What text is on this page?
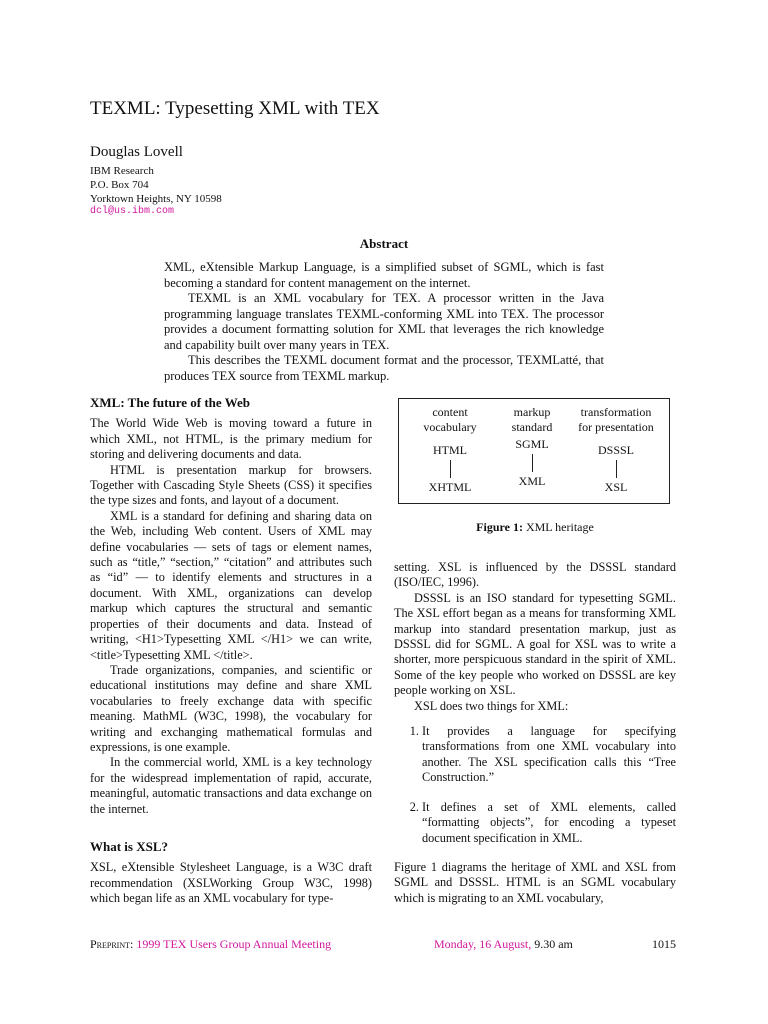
TEXML: Typesetting XML with TEX
Douglas Lovell
IBM Research
P.O. Box 704
Yorktown Heights, NY 10598
dcl@us.ibm.com
Abstract

XML, eXtensible Markup Language, is a simplified subset of SGML, which is fast becoming a standard for content management on the internet.

TEXML is an XML vocabulary for TEX. A processor written in the Java programming language translates TEXML-conforming XML into TEX. The processor provides a document formatting solution for XML that leverages the rich knowledge and capability built over many years in TEX.

This describes the TEXML document format and the processor, TEXMLatté, that produces TEX source from TEXML markup.

XML: The future of the Web

The World Wide Web is moving toward a future in which XML, not HTML, is the primary medium for storing and delivering documents and data.

HTML is presentation markup for browsers. Together with Cascading Style Sheets (CSS) it specifies the type sizes and fonts, and layout of a document.

XML is a standard for defining and sharing data on the Web, including Web content. Users of XML may define vocabularies — sets of tags or element names, such as “title,” “section,” “citation” and attributes such as “id” — to identify elements and structures in a document. With XML, organizations can develop markup which captures the structural and semantic properties of their documents and data. Instead of writing, <H1>Typesetting XML </H1> we can write, <title>Typesetting XML </title>.

Trade organizations, companies, and scientific or educational institutions may define and share XML vocabularies to freely exchange data with specific meaning. MathML (W3C, 1998), the vocabulary for writing and exchanging mathematical formulas and expressions, is one example.

In the commercial world, XML is a key technology for the widespread implementation of rapid, accurate, meaningful, automatic transactions and data exchange on the internet.

What is XSL?

XSL, eXtensible Stylesheet Language, is a W3C draft recommendation (XSLWorking Group W3C, 1998) which began life as an XML vocabulary for type-

content
vocabulary
HTML
XHTML
markup
standard
SGML
XML
transformation
for presentation
DSSSL
XSL
Figure 1: XML heritage

setting. XSL is influenced by the DSSSL standard (ISO/IEC, 1996).

DSSSL is an ISO standard for typesetting SGML. The XSL effort began as a means for transforming XML markup into standard presentation markup, just as DSSSL did for SGML. A goal for XSL was to write a shorter, more perspicuous standard in the spirit of XML. Some of the key people who worked on DSSSL are key people working on XSL.

XSL does two things for XML:

1. It provides a language for specifying transformations from one XML vocabulary into another. The XSL specification calls this “Tree Construction.”
2. It defines a set of XML elements, called “formatting objects”, for encoding a typeset document specification in XML.

Figure 1 diagrams the heritage of XML and XSL from SGML and DSSSL. HTML is an SGML vocabulary which is migrating to an XML vocabulary,

Preprint: 1999 TEX Users Group Annual Meeting	Monday, 16 August, 9.30 am	1015
